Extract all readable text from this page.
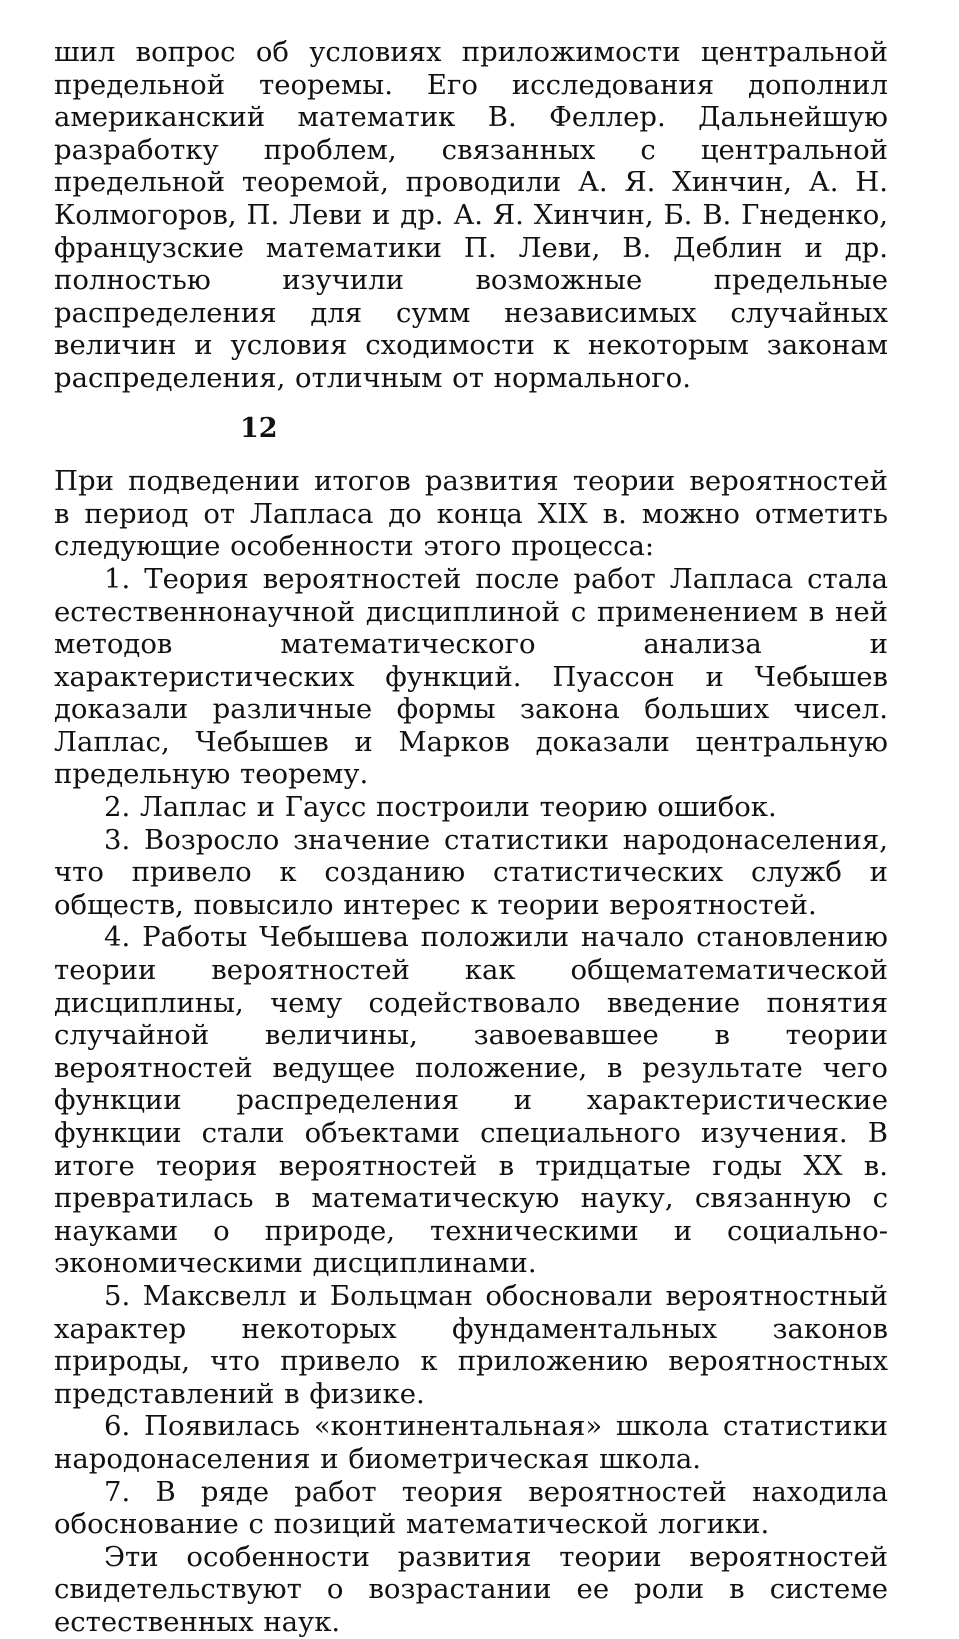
шил вопрос об условиях приложимости центральной предельной теоремы. Его исследования дополнил американский математик В. Феллер. Дальнейшую разработку проблем, связанных с центральной предельной теоремой, проводили А. Я. Хинчин, А. Н. Колмогоров, П. Леви и др. А. Я. Хинчин, Б. В. Гнеденко, французские математики П. Леви, В. Деблин и др. полностью изучили возможные предельные распределения для сумм независимых случайных величин и условия сходимости к некоторым законам распределения, отличным от нормального.

12

При подведении итогов развития теории вероятностей в период от Лапласа до конца XIX в. можно отметить следующие особенности этого процесса:

1. Теория вероятностей после работ Лапласа стала естественнонаучной дисциплиной с применением в ней методов математического анализа и характеристических функций. Пуассон и Чебышев доказали различные формы закона больших чисел. Лаплас, Чебышев и Марков доказали центральную предельную теорему.

2. Лаплас и Гаусс построили теорию ошибок.

3. Возросло значение статистики народонаселения, что привело к созданию статистических служб и обществ, повысило интерес к теории вероятностей.

4. Работы Чебышева положили начало становлению теории вероятностей как общематематической дисциплины, чему содействовало введение понятия случайной величины, завоевавшее в теории вероятностей ведущее положение, в результате чего функции распределения и характеристические функции стали объектами специального изучения. В итоге теория вероятностей в тридцатые годы XX в. превратилась в математическую науку, связанную с науками о природе, техническими и социально-экономическими дисциплинами.

5. Максвелл и Больцман обосновали вероятностный характер некоторых фундаментальных законов природы, что привело к приложению вероятностных представлений в физике.

6. Появилась «континентальная» школа статистики народонаселения и биометрическая школа.

7. В ряде работ теория вероятностей находила обоснование с позиций математической логики.

Эти особенности развития теории вероятностей свидетельствуют о возрастании ее роли в системе естественных наук.
